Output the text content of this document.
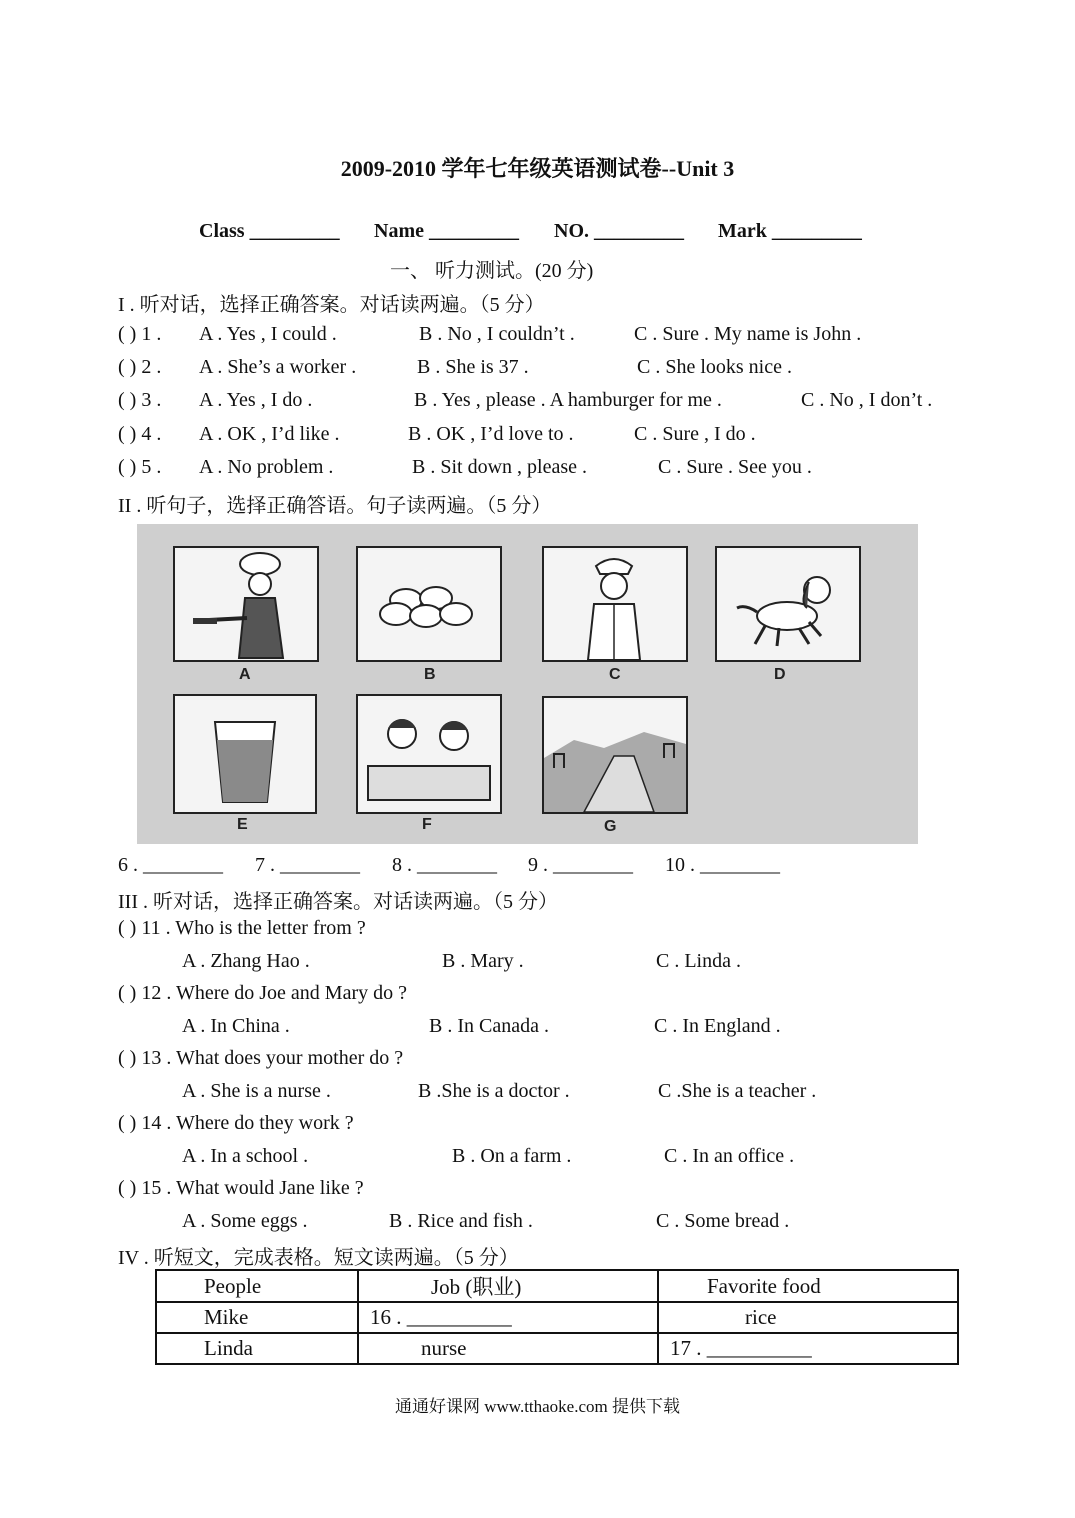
2009-2010 学年七年级英语测试卷--Unit 3
Class _________ Name _________ NO. _________ Mark _________
一、 听力测试。(20 分)
I . 听对话，选择正确答案。对话读两遍。（5 分）
( ) 1 . A . Yes , I could .	B . No , I couldn’t .	C . Sure . My name is John .
( ) 2 . A . She’s a worker .	B . She is 37 .	C . She looks nice .
( ) 3 . A . Yes , I do .	B . Yes , please . A hamburger for me .	C . No , I don’t .
( ) 4 . A . OK , I’d like .	B . OK , I’d love to .	C . Sure , I do .
( ) 5 . A . No problem .	B . Sit down , please .	C . Sure . See you .
II . 听句子，选择正确答语。句子读两遍。（5 分）
A	B	C	D
E	F	G
6 . ________ 7 . ________ 8 . ________ 9 . ________ 10 . ________
III . 听对话，选择正确答案。对话读两遍。（5 分）
( ) 11 . Who is the letter from ?
A . Zhang Hao .	B . Mary .	C . Linda .
( ) 12 . Where do Joe and Mary do ?
A . In China .	B . In Canada .	C . In England .
( ) 13 . What does your mother do ?
A . She is a nurse .	B .She is a doctor .	C .She is a teacher .
( ) 14 . Where do they work ?
A . In a school .	B . On a farm .	C . In an office .
( ) 15 . What would Jane like ?
A . Some eggs .	B . Rice and fish .	C . Some bread .
IV . 听短文，完成表格。短文读两遍。（5 分）
People	Job (职业)	Favorite food
Mike	16 . __________	rice
Linda	nurse	17 . __________
通通好课网 www.tthaoke.com 提供下载
